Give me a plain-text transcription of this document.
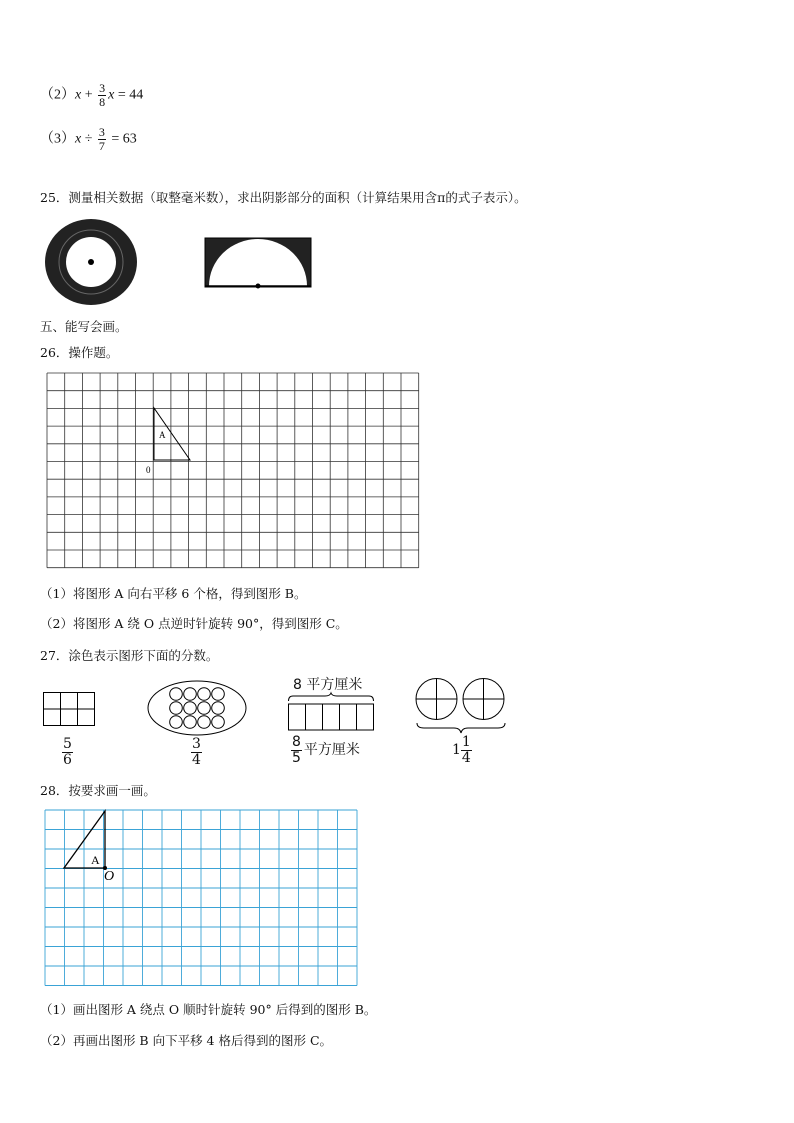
$(2)x + \frac{3}{8}$ x = 44
$(3)x \div \frac{3}{7} = 63$
25．测量相关数据（取整毫米数），求出阴影部分的面积（计算结果用含π的式子表示）。
五、能写会画。
26．操作题。
A
0
（1）将图形 A 向右平移 6 个格，得到图形 B。
（2）将图形 A 绕 O 点逆时针旋转 90°，得到图形 C。
27．涂色表示图形下面的分数。
$\frac{5}{6}$	$\frac{3}{4}$
8 平方厘米
$\frac{8}{5}$ 平方厘米	$1 \frac{1}{4}$
28．按要求画一画。
A
O
（1）画出图形 A 绕点 O 顺时针旋转 90° 后得到的图形 B。
（2）再画出图形 B 向下平移 4 格后得到的图形 C。
